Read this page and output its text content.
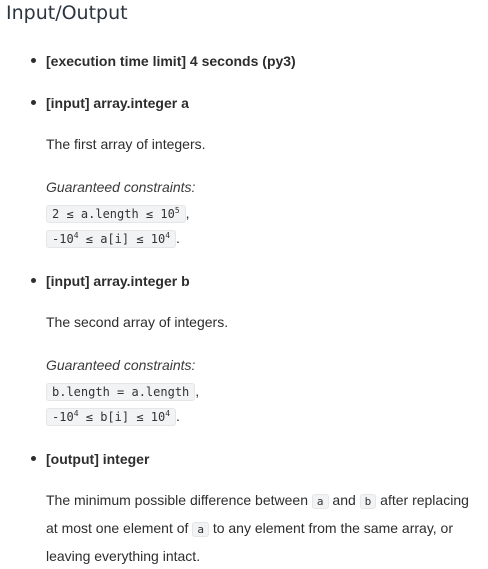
Input/Output

[execution time limit] 4 seconds (py3)

[input] array.integer a

The first array of integers.

Guaranteed constraints:

2 ≤ a.length ≤ $10^5$ ,

$-10^4 \le a[i] \le 10^4$ .

[input] array.integer b

The second array of integers.

Guaranteed constraints:

b.length = a.length ,

$-10^4 \le b[i] \le 10^4$ .

[output] integer

The minimum possible difference between a and b after replacing at most one element of a to any element from the same array, or leaving everything intact.
